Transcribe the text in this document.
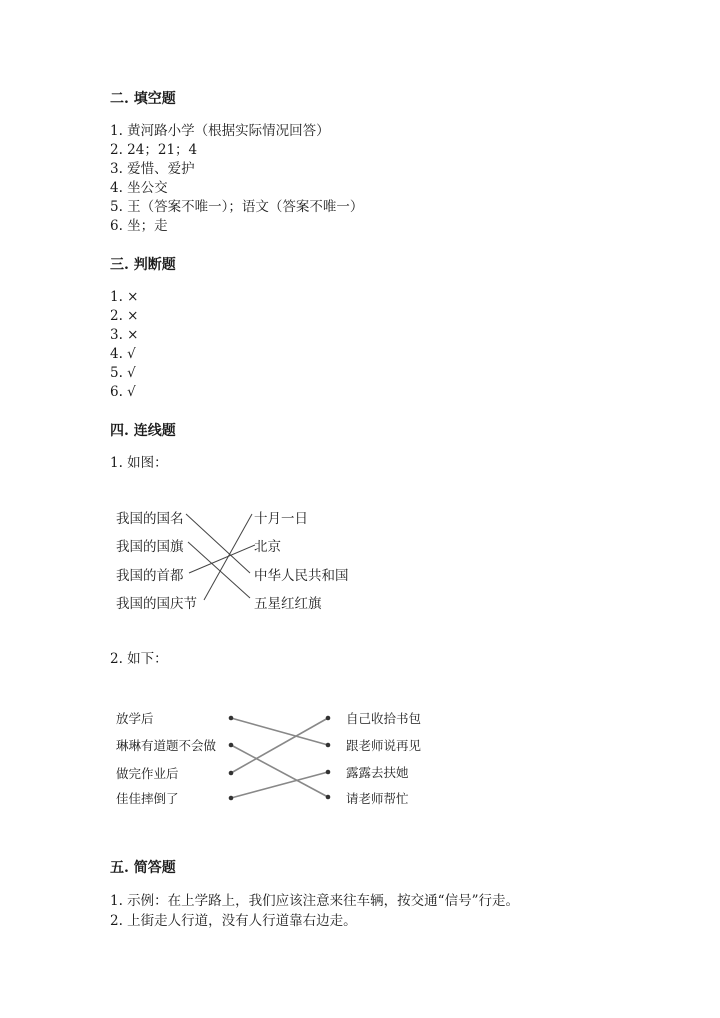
二. 填空题
1. 黄河路小学（根据实际情况回答）
2. 24；21；4
3. 爱惜、爱护
4. 坐公交
5. 王（答案不唯一）；语文（答案不唯一）
6. 坐；走
三. 判断题
1. ×
2. ×
3. ×
4. √
5. √
6. √
四. 连线题
1. 如图：
我国的国名
我国的国旗
我国的首都
我国的国庆节
十月一日
北京
中华人民共和国
五星红红旗
2. 如下：
放学后
琳琳有道题不会做
做完作业后
佳佳摔倒了
自己收拾书包
跟老师说再见
露露去扶她
请老师帮忙
五. 简答题
1. 示例：在上学路上，我们应该注意来往车辆，按交通“信号”行走。
2. 上街走人行道，没有人行道靠右边走。
